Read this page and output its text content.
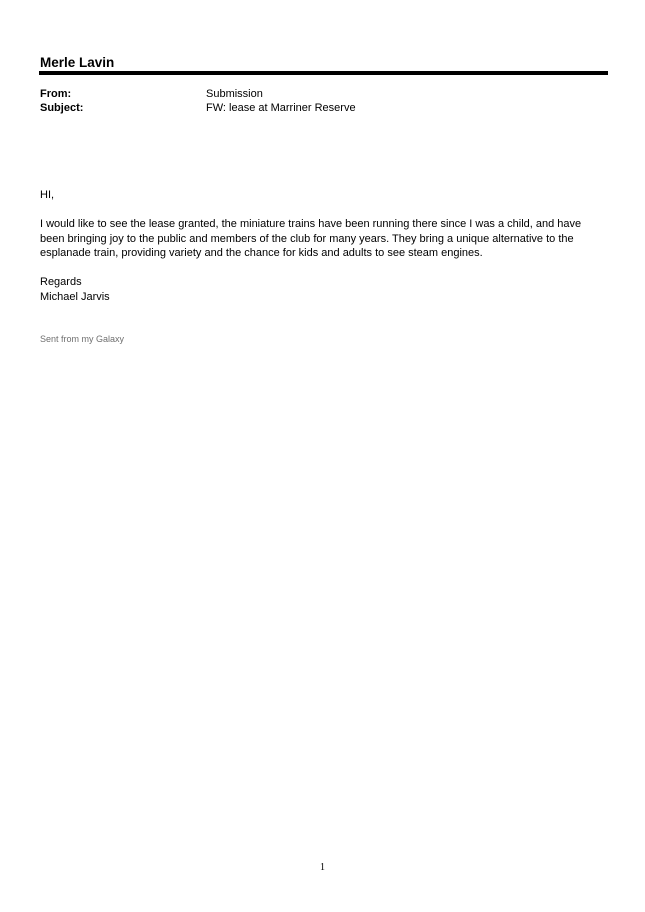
Merle Lavin
From:	Submission
Subject:	FW: lease at Marriner Reserve
HI,
I would like to see the lease granted, the miniature trains have been running there since I was a child, and have been bringing joy to the public and members of the club for many years. They bring a unique alternative to the esplanade train, providing variety and the chance for kids and adults to see steam engines.
Regards
Michael Jarvis
Sent from my Galaxy
1
